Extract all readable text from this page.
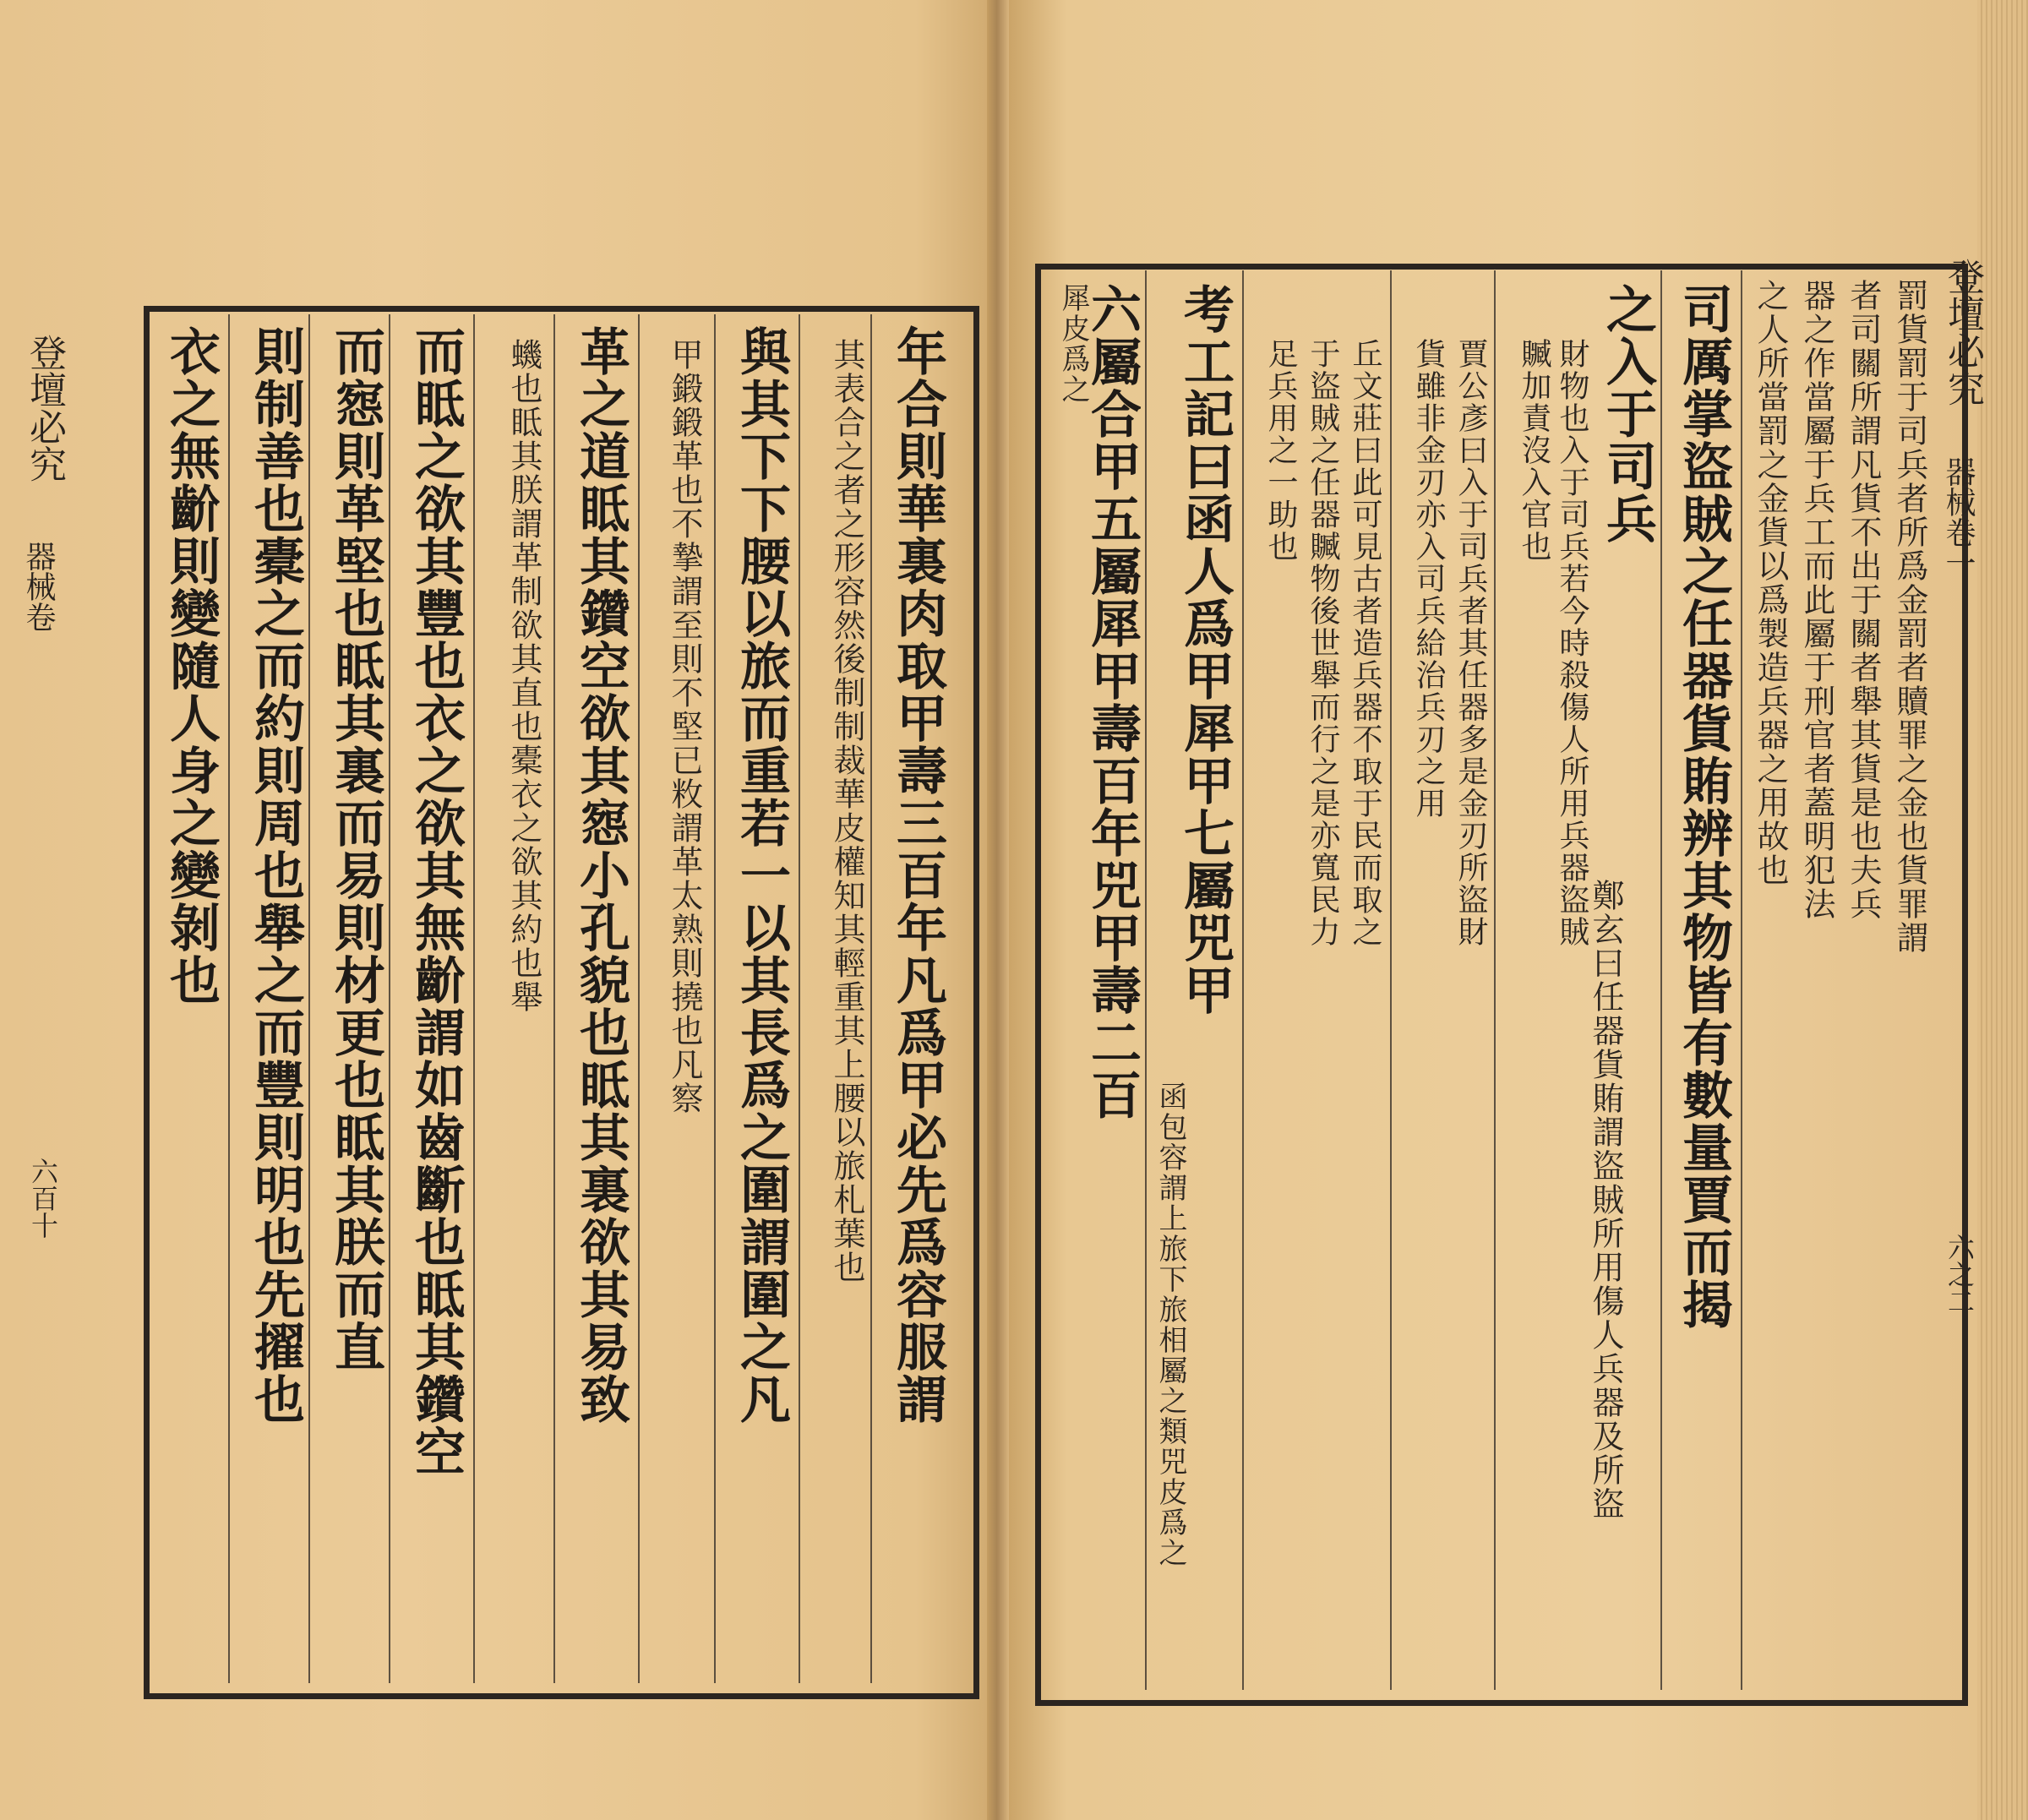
登壇必究
器械卷
六百十
登壇必究
器械卷一
六之二
年合則華裏肉取甲壽三百年凡爲甲必先爲容服謂
其表合之者之形容然後制制裁華皮權知其輕重其上腰以旅札葉也
與其下下腰以旅而重若一以其長爲之圍謂圍之凡
甲鍛鍛革也不摯謂至則不堅已敉謂革太熟則撓也凡察
革之道眡其鑽空欲其惌小孔貌也眡其裏欲其易致
蟣也眡其朕謂革制欲其直也橐衣之欲其約也舉
而眡之欲其豐也衣之欲其無齘謂如齒斷也眡其鑽空
而惌則革堅也眡其裏而易則材更也眡其朕而直
則制善也橐之而約則周也舉之而豐則明也先擢也
衣之無齘則變隨人身之變剝也	罰貨罰于司兵者所爲金罰者贖罪之金也貨罪謂
者司關所謂凡貨不出于關者舉其貨是也夫兵
器之作當屬于兵工而此屬于刑官者蓋明犯法
之人所當罰之金貨以爲製造兵器之用故也
司厲掌盜賊之任器貨賄辨其物皆有數量賈而揭
之入于司兵
鄭玄曰任器貨賄謂盜賊所用傷人兵器及所盜
財物也入于司兵若今時殺傷人所用兵器盜賊
贓加責沒入官也
賈公彥曰入于司兵者其任器多是金刃所盜財
貨雖非金刃亦入司兵給治兵刃之用
丘文莊曰此可見古者造兵器不取于民而取之
于盜賊之任器贓物後世舉而行之是亦寬民力
足兵用之一助也
考工記曰函人爲甲犀甲七屬兕甲
函包容謂上旅下旅相屬之類兕皮爲之
六屬合甲五屬犀甲壽百年兕甲壽二百
犀皮爲之
